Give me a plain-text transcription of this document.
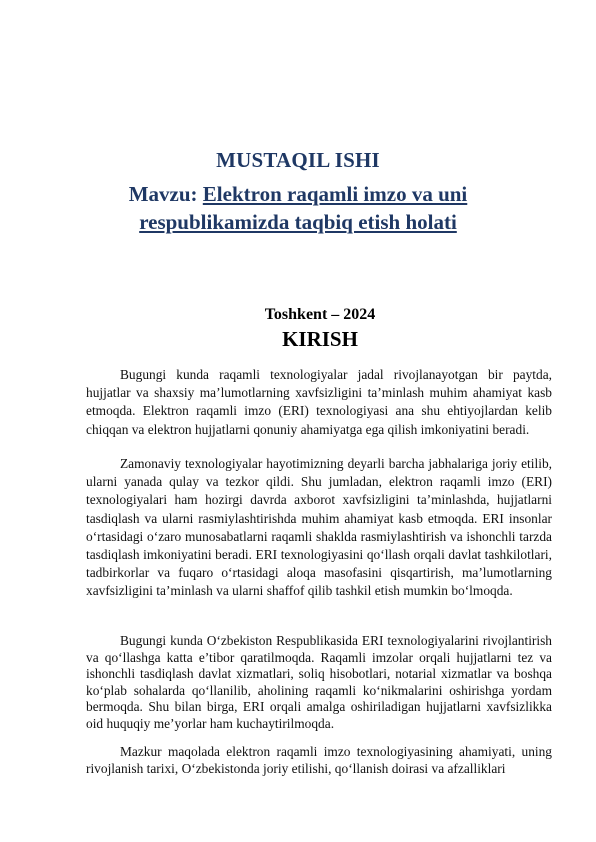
MUSTAQIL ISHI
Mavzu: Elektron raqamli imzo va uni respublikamizda taqbiq etish holati
Toshkent – 2024
KIRISH

Bugungi kunda raqamli texnologiyalar jadal rivojlanayotgan bir paytda, hujjatlar va shaxsiy ma’lumotlarning xavfsizligini ta’minlash muhim ahamiyat kasb etmoqda. Elektron raqamli imzo (ERI) texnologiyasi ana shu ehtiyojlardan kelib chiqqan va elektron hujjatlarni qonuniy ahamiyatga ega qilish imkoniyatini beradi.

Zamonaviy texnologiyalar hayotimizning deyarli barcha jabhalariga joriy etilib, ularni yanada qulay va tezkor qildi. Shu jumladan, elektron raqamli imzo (ERI) texnologiyalari ham hozirgi davrda axborot xavfsizligini ta’minlashda, hujjatlarni tasdiqlash va ularni rasmiylashtirishda muhim ahamiyat kasb etmoqda. ERI insonlar o‘rtasidagi o‘zaro munosabatlarni raqamli shaklda rasmiylashtirish va ishonchli tarzda tasdiqlash imkoniyatini beradi. ERI texnologiyasini qo‘llash orqali davlat tashkilotlari, tadbirkorlar va fuqaro o‘rtasidagi aloqa masofasini qisqartirish, ma’lumotlarning xavfsizligini ta’minlash va ularni shaffof qilib tashkil etish mumkin bo‘lmoqda.

Bugungi kunda O‘zbekiston Respublikasida ERI texnologiyalarini rivojlantirish va qo‘llashga katta e’tibor qaratilmoqda. Raqamli imzolar orqali hujjatlarni tez va ishonchli tasdiqlash davlat xizmatlari, soliq hisobotlari, notarial xizmatlar va boshqa ko‘plab sohalarda qo‘llanilib, aholining raqamli ko‘nikmalarini oshirishga yordam bermoqda. Shu bilan birga, ERI orqali amalga oshiriladigan hujjatlarni xavfsizlikka oid huquqiy me’yorlar ham kuchaytirilmoqda.

Mazkur maqolada elektron raqamli imzo texnologiyasining ahamiyati, uning rivojlanish tarixi, O‘zbekistonda joriy etilishi, qo‘llanish doirasi va afzalliklari
